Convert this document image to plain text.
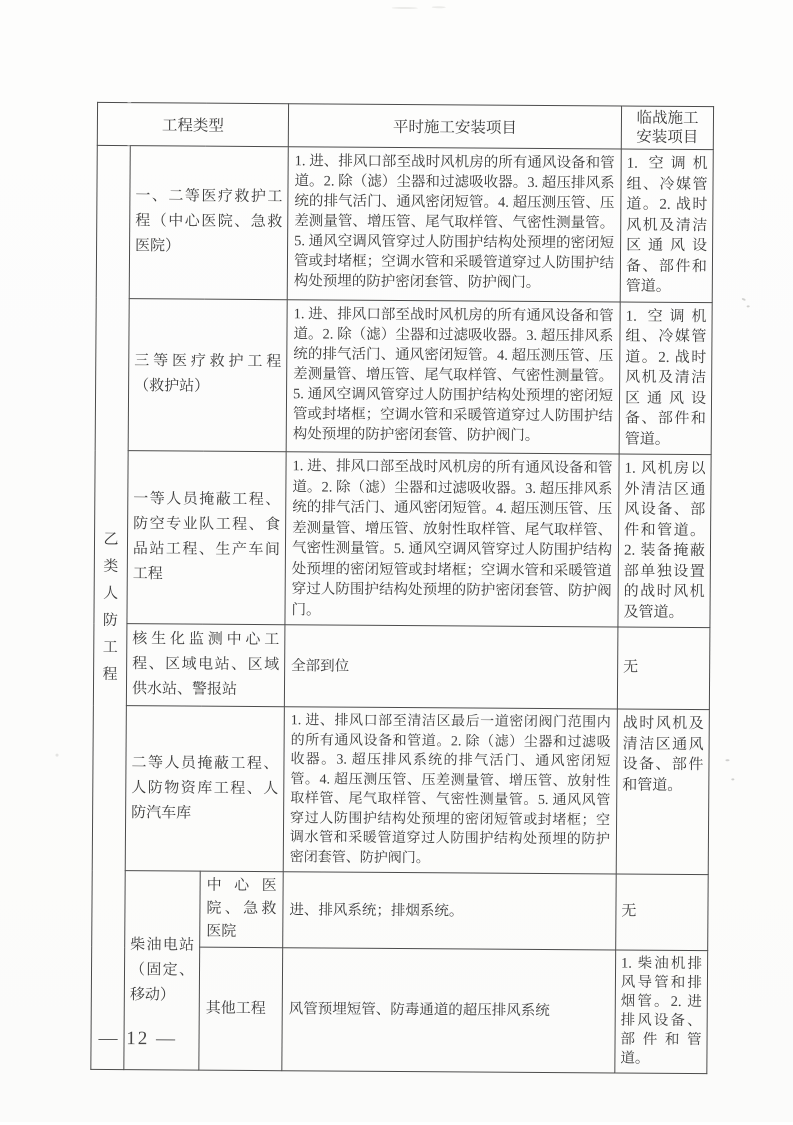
工程类型			平时施工安装项目	临战施工安装项目

乙类人防工程	一、二等医疗救护工程（中心医院、急救医院）		1. 进、排风口部至战时风机房的所有通风设备和管道。2. 除（滤）尘器和过滤吸收器。3. 超压排风系统的排气活门、通风密闭短管。4. 超压测压管、压差测量管、增压管、尾气取样管、气密性测量管。5. 通风空调风管穿过人防围护结构处预埋的密闭短管或封堵框；空调水管和采暖管道穿过人防围护结构处预埋的防护密闭套管、防护阀门。	1. 空调机组、冷媒管道。2. 战时风机及清洁区通风设备、部件和管道。
	三等医疗救护工程（救护站）		1. 进、排风口部至战时风机房的所有通风设备和管道。2. 除（滤）尘器和过滤吸收器。3. 超压排风系统的排气活门、通风密闭短管。4. 超压测压管、压差测量管、增压管、尾气取样管、气密性测量管。5. 通风空调风管穿过人防围护结构处预埋的密闭短管或封堵框；空调水管和采暖管道穿过人防围护结构处预埋的防护密闭套管、防护阀门。	1. 空调机组、冷媒管道。2. 战时风机及清洁区通风设备、部件和管道。
	一等人员掩蔽工程、防空专业队工程、食品站工程、生产车间工程		1. 进、排风口部至战时风机房的所有通风设备和管道。2. 除（滤）尘器和过滤吸收器。3. 超压排风系统的排气活门、通风密闭短管。4. 超压测压管、压差测量管、增压管、放射性取样管、尾气取样管、气密性测量管。5. 通风空调风管穿过人防围护结构处预埋的密闭短管或封堵框；空调水管和采暖管道穿过人防围护结构处预埋的防护密闭套管、防护阀门。	1. 风机房以外清洁区通风设备、部件和管道。2. 装备掩蔽部单独设置的战时风机及管道。
	核生化监测中心工程、区域电站、区域供水站、警报站		全部到位	无
	二等人员掩蔽工程、人防物资库工程、人防汽车库		1. 进、排风口部至清洁区最后一道密闭阀门范围内的所有通风设备和管道。2. 除（滤）尘器和过滤吸收器。3. 超压排风系统的排气活门、通风密闭短管。4. 超压测压管、压差测量管、增压管、放射性取样管、尾气取样管、气密性测量管。5. 通风风管穿过人防围护结构处预埋的密闭短管或封堵框；空调水管和采暖管道穿过人防围护结构处预埋的防护密闭套管、防护阀门。	战时风机及清洁区通风设备、部件和管道。
	柴油电站（固定、移动）	中心医院、急救医院	进、排风系统；排烟系统。	无
		其他工程	风管预埋短管、防毒通道的超压排风系统	1. 柴油机排风导管和排烟管。2. 进排风设备、部件和管道。
— 12 —
